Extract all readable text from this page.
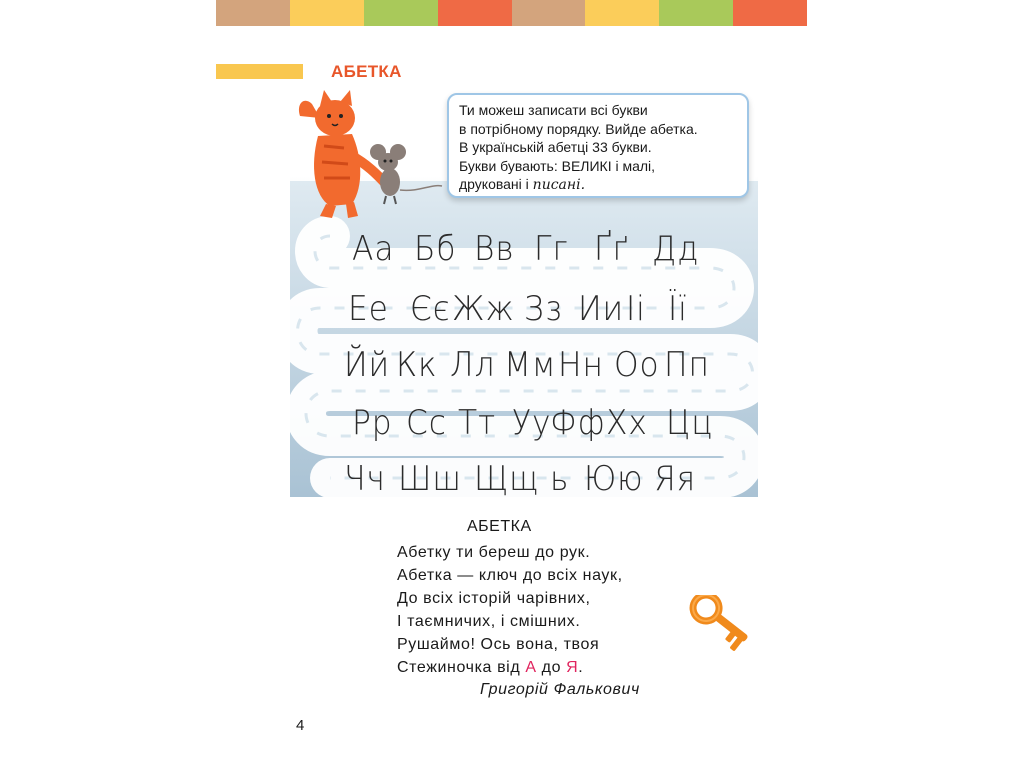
АБЕТКА
Аа Бб Вв Гг Ґґ Дд
Ее Єє Жж Зз Ии Іі Її
Йй Кк Лл Мм Нн Оо Пп
Рр Сс Тт Уу
Фф Хх Цц
Чч Шш Щщ ь Юю Яя
Ти можеш записати всі букви
в потрібному порядку. Вийде абетка.
В українській абетці 33 букви.
Букви бувають: ВЕЛИКІ і малі,
друковані і писані.
АБЕТКА
Абетку ти береш до рук.
Абетка — ключ до всіх наук,
До всіх історій чарівних,
І таємничих, і смішних.
Рушаймо! Ось вона, твоя
Стежиночка від А до Я.
Григорій Фалькович
4
